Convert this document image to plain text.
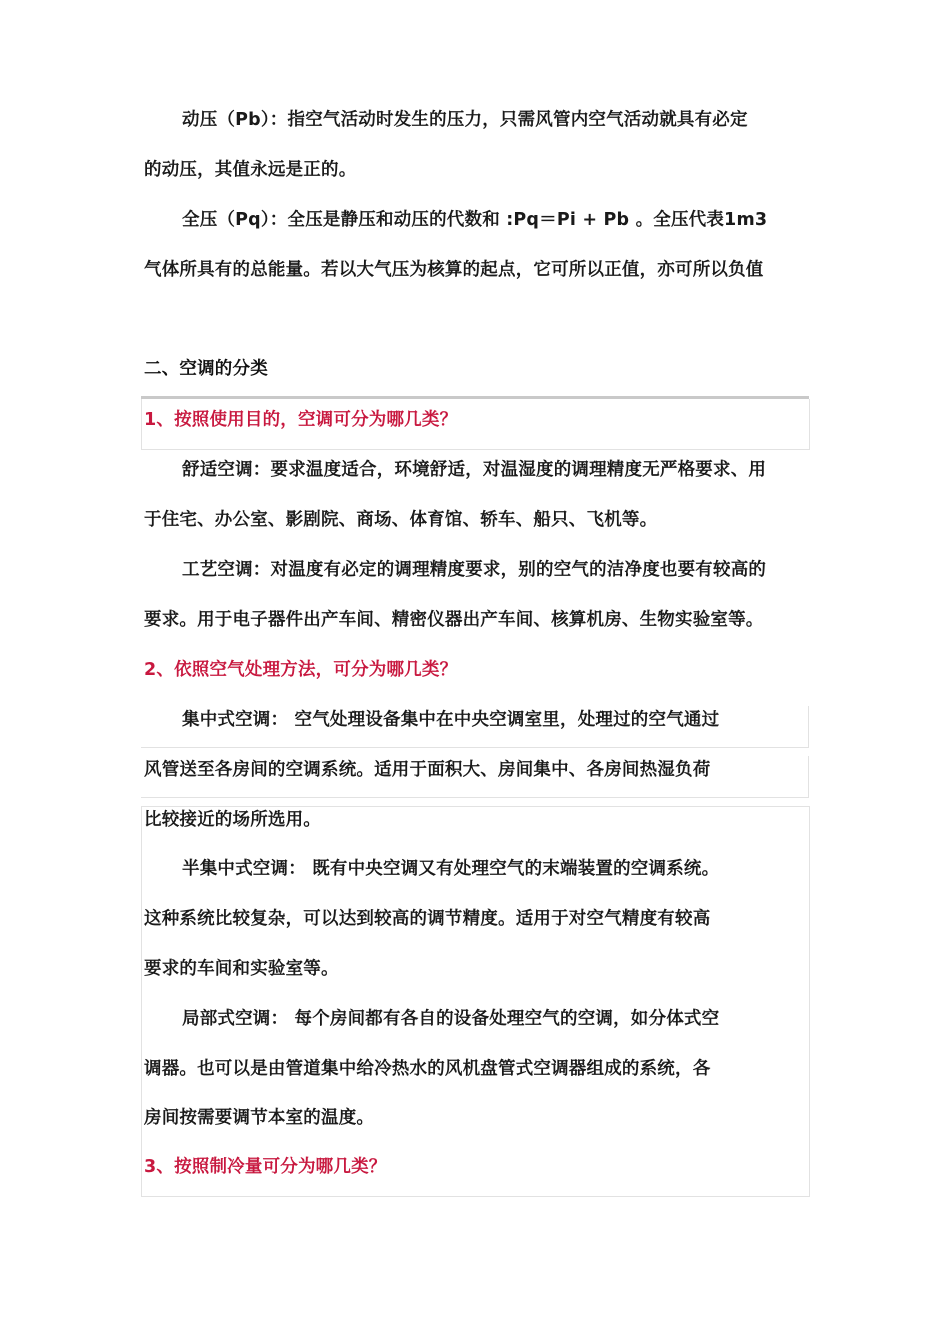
动压（Pb）：指空气活动时发生的压力，只需风管内空气活动就具有必定
的动压，其值永远是正的。
全压（Pq）：全压是静压和动压的代数和 :Pq＝Pi + Pb 。全压代表1m3
气体所具有的总能量。若以大气压为核算的起点，它可所以正值，亦可所以负值
二、空调的分类
1、按照使用目的，空调可分为哪几类？
舒适空调：要求温度适合，环境舒适，对温湿度的调理精度无严格要求、用
于住宅、办公室、影剧院、商场、体育馆、轿车、船只、飞机等。
工艺空调：对温度有必定的调理精度要求，别的空气的洁净度也要有较高的
要求。用于电子器件出产车间、精密仪器出产车间、核算机房、生物实验室等。
2、依照空气处理方法，可分为哪几类？
集中式空调： 空气处理设备集中在中央空调室里，处理过的空气通过
风管送至各房间的空调系统。适用于面积大、房间集中、各房间热湿负荷
比较接近的场所选用。
半集中式空调： 既有中央空调又有处理空气的末端装置的空调系统。
这种系统比较复杂，可以达到较高的调节精度。适用于对空气精度有较高
要求的车间和实验室等。
局部式空调： 每个房间都有各自的设备处理空气的空调，如分体式空
调器。也可以是由管道集中给冷热水的风机盘管式空调器组成的系统，各
房间按需要调节本室的温度。
3、按照制冷量可分为哪几类？
